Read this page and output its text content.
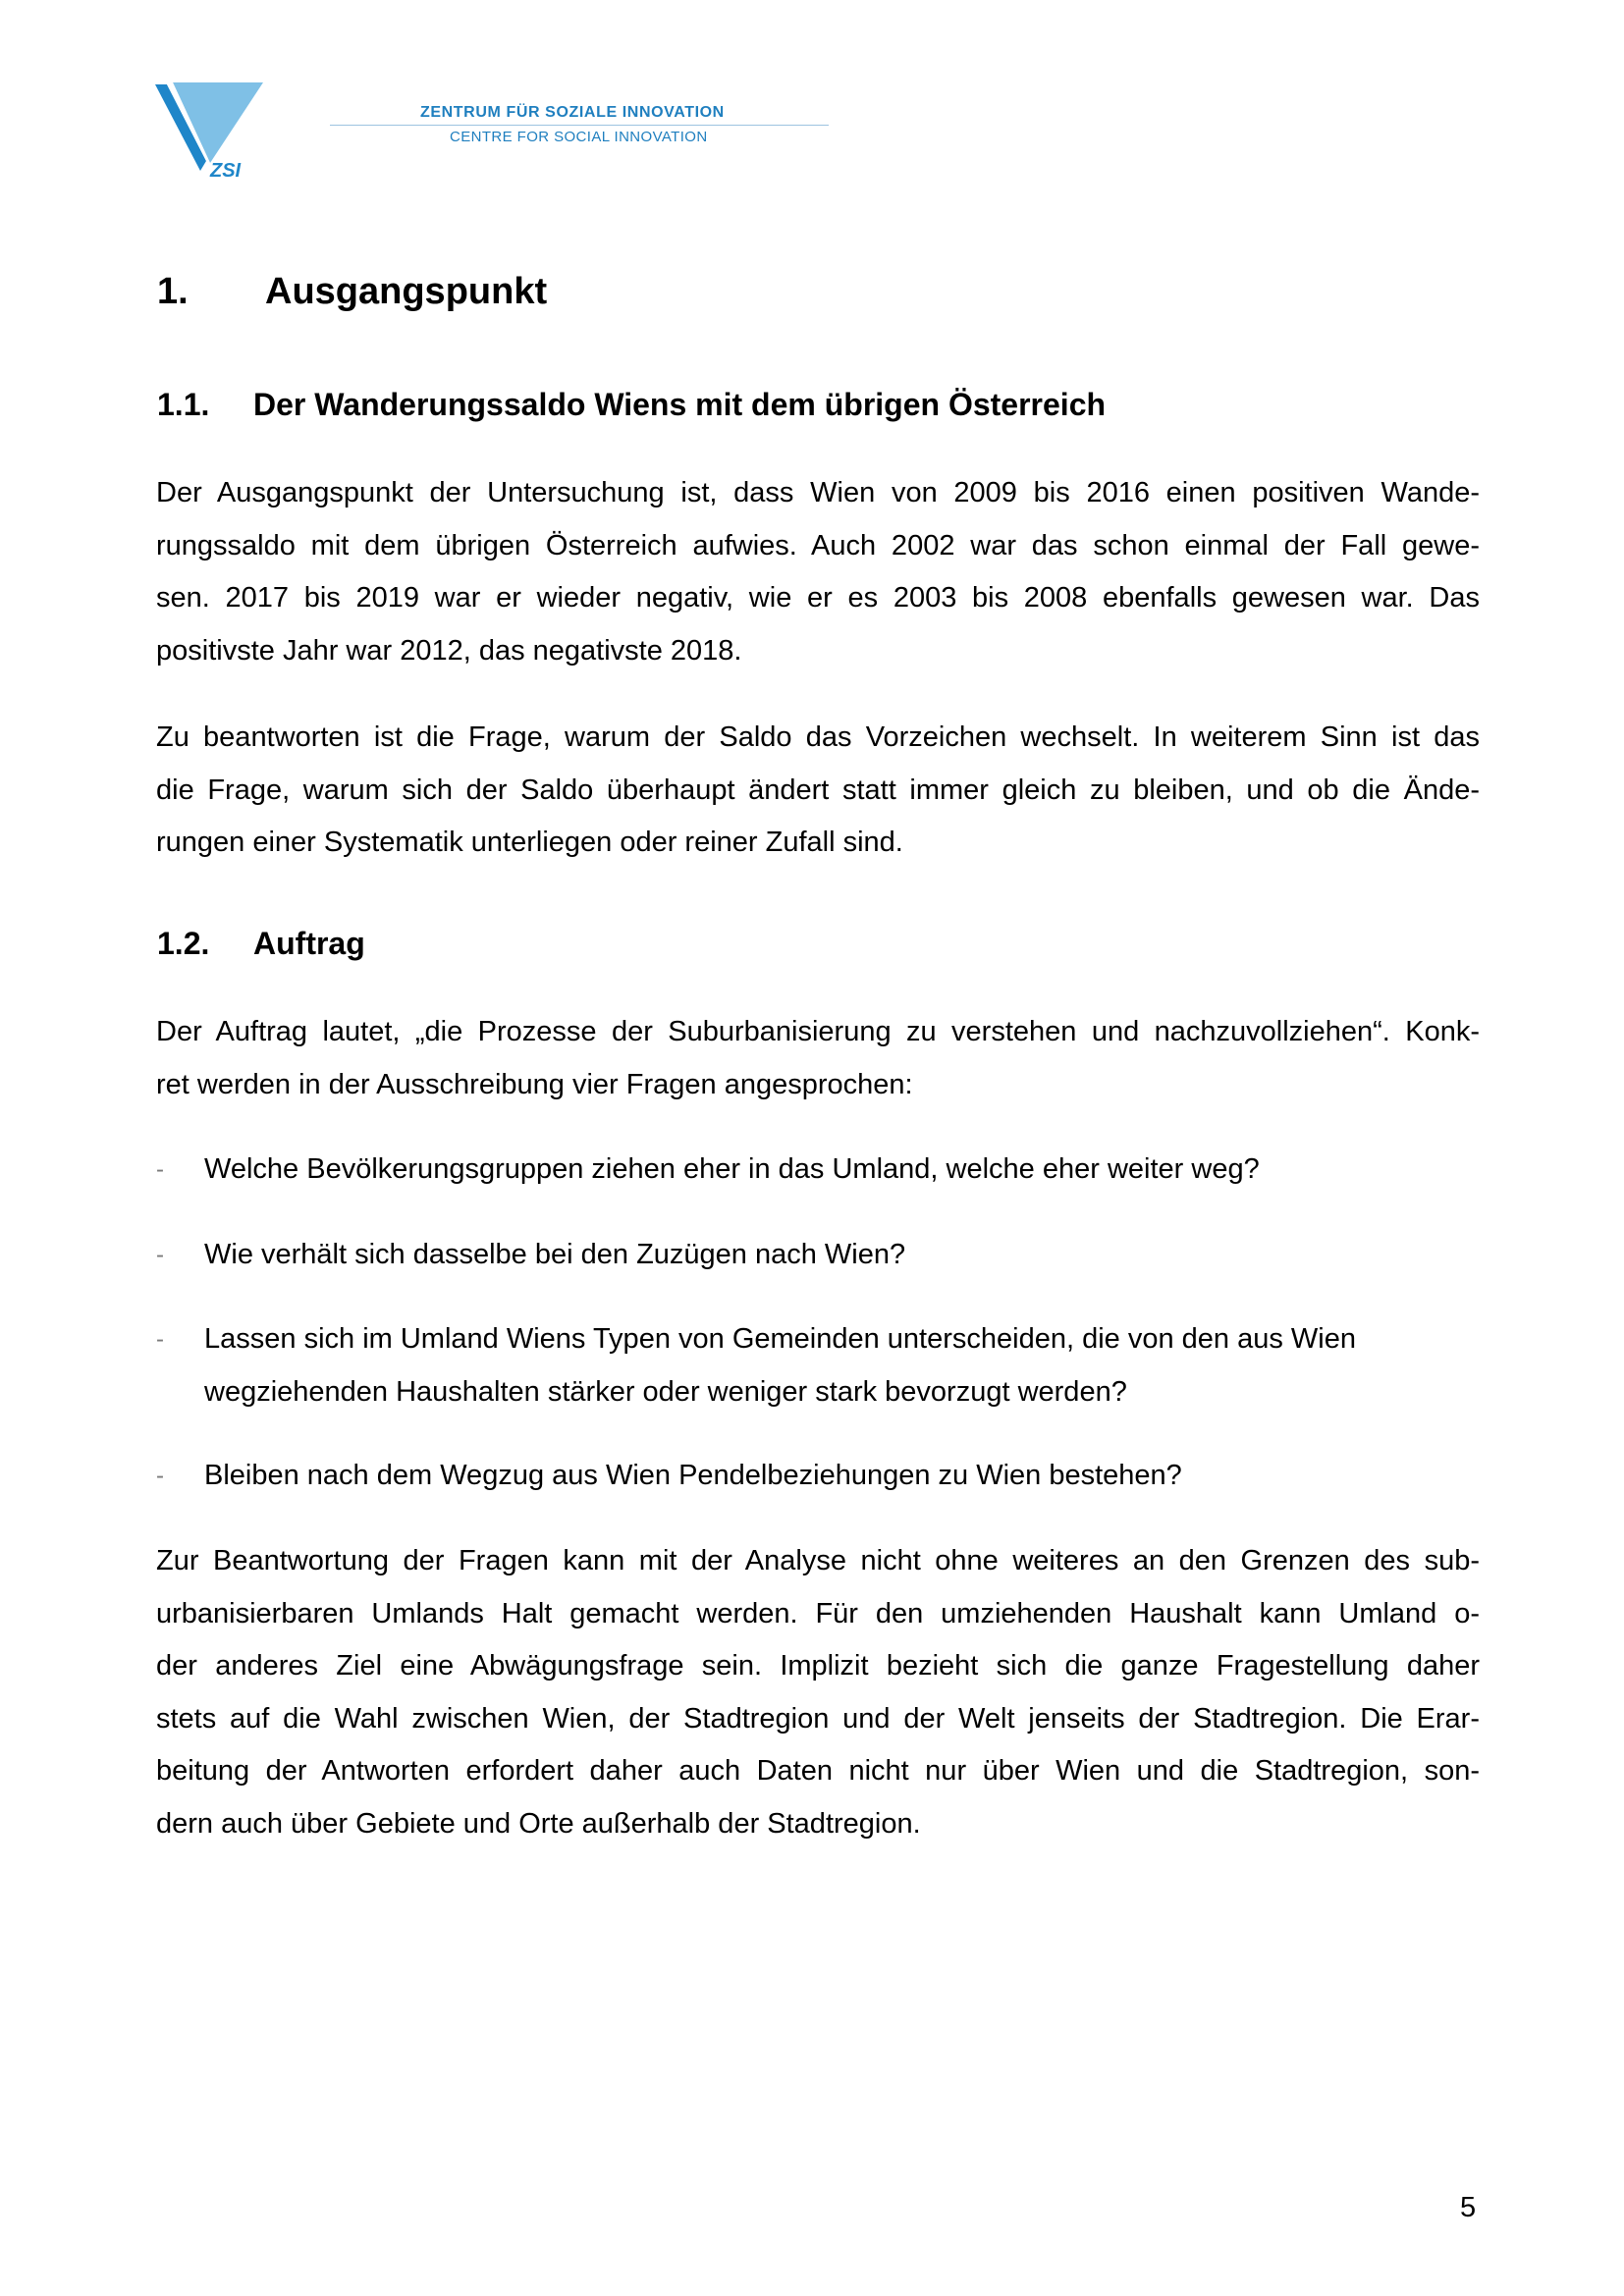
ZSI
ZENTRUM FÜR SOZIALE INNOVATION
CENTRE FOR SOCIAL INNOVATION
1. Ausgangspunkt
1.1. Der Wanderungssaldo Wiens mit dem übrigen Österreich
Der Ausgangspunkt der Untersuchung ist, dass Wien von 2009 bis 2016 einen positiven Wande-
rungssaldo mit dem übrigen Österreich aufwies. Auch 2002 war das schon einmal der Fall gewe-
sen. 2017 bis 2019 war er wieder negativ, wie er es 2003 bis 2008 ebenfalls gewesen war. Das
positivste Jahr war 2012, das negativste 2018.
Zu beantworten ist die Frage, warum der Saldo das Vorzeichen wechselt. In weiterem Sinn ist das
die Frage, warum sich der Saldo überhaupt ändert statt immer gleich zu bleiben, und ob die Ände-
rungen einer Systematik unterliegen oder reiner Zufall sind.
1.2. Auftrag
Der Auftrag lautet, „die Prozesse der Suburbanisierung zu verstehen und nachzuvollziehen“. Konk-
ret werden in der Ausschreibung vier Fragen angesprochen:
- Welche Bevölkerungsgruppen ziehen eher in das Umland, welche eher weiter weg?
- Wie verhält sich dasselbe bei den Zuzügen nach Wien?
- Lassen sich im Umland Wiens Typen von Gemeinden unterscheiden, die von den aus Wien
wegziehenden Haushalten stärker oder weniger stark bevorzugt werden?
- Bleiben nach dem Wegzug aus Wien Pendelbeziehungen zu Wien bestehen?
Zur Beantwortung der Fragen kann mit der Analyse nicht ohne weiteres an den Grenzen des sub-
urbanisierbaren Umlands Halt gemacht werden. Für den umziehenden Haushalt kann Umland o-
der anderes Ziel eine Abwägungsfrage sein. Implizit bezieht sich die ganze Fragestellung daher
stets auf die Wahl zwischen Wien, der Stadtregion und der Welt jenseits der Stadtregion. Die Erar-
beitung der Antworten erfordert daher auch Daten nicht nur über Wien und die Stadtregion, son-
dern auch über Gebiete und Orte außerhalb der Stadtregion.
5
